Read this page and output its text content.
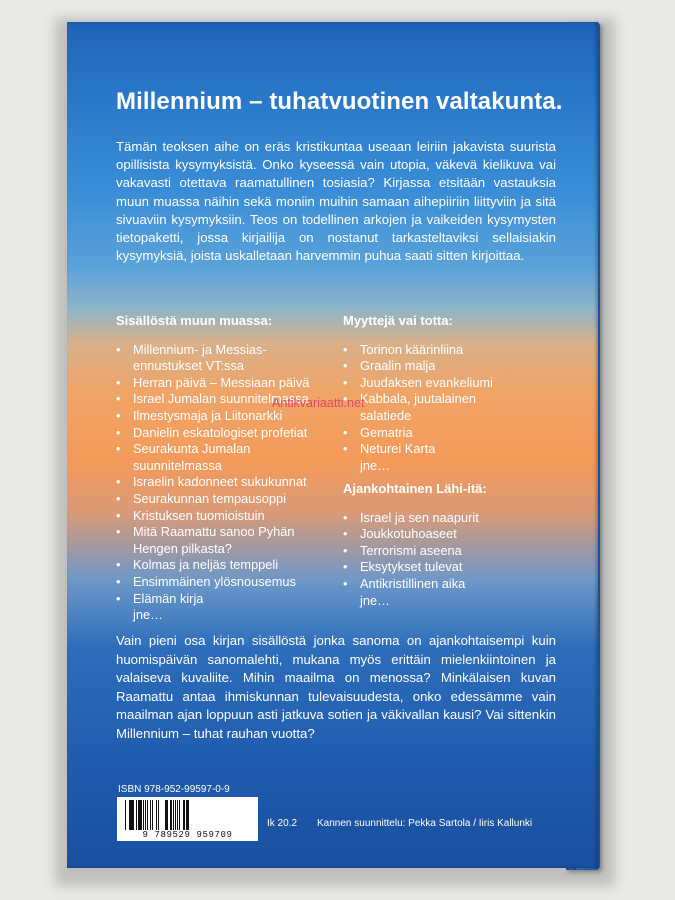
Millennium – tuhatvuotinen valtakunta.
Tämän teoksen aihe on eräs kristikuntaa useaan leiriin jakavista suurista opillisista kysymyksistä. Onko kyseessä vain utopia, väkevä kielikuva vai vakavasti otettava raamatullinen tosiasia? Kirjassa etsitään vastauksia muun muassa näihin sekä moniin muihin samaan aihepiiriin liittyviin ja sitä sivuaviin kysymyksiin. Teos on todellinen arkojen ja vaikeiden kysymysten tietopaketti, jossa kirjailija on nostanut tarkasteltaviksi sellaisiakin kysymyksiä, joista uskalletaan harvemmin puhua saati sitten kirjoittaa.
Sisällöstä muun muassa:
• Millennium- ja Messias-ennustukset VT:ssa
• Herran päivä – Messiaan päivä
• Israel Jumalan suunnitelmassa
• Ilmestysmaja ja Liitonarkki
• Danielin eskatologiset profetiat
• Seurakunta Jumalan suunnitelmassa
• Israelin kadonneet sukukunnat
• Seurakunnan tempausoppi
• Kristuksen tuomioistuin
• Mitä Raamattu sanoo Pyhän Hengen pilkasta?
• Kolmas ja neljäs temppeli
• Ensimmäinen ylösnousemus
• Elämän kirja
jne…
Myyttejä vai totta:
• Torinon käärinliina
• Graalin malja
• Juudaksen evankeliumi
• Kabbala, juutalainen salatiede
• Gematria
• Neturei Karta
jne…
Ajankohtainen Lähi-itä:
• Israel ja sen naapurit
• Joukkotuhoaseet
• Terrorismi aseena
• Eksytykset tulevat
• Antikristillinen aika
jne…
Antikvariaatti.net
Vain pieni osa kirjan sisällöstä jonka sanoma on ajankohtaisempi kuin huomispäivän sanomalehti, mukana myös erittäin mielenkiintoinen ja valaiseva kuvaliite. Mihin maailma on menossa? Minkälaisen kuvan Raamattu antaa ihmiskunnan tulevaisuudesta, onko edessämme vain maailman ajan loppuun asti jatkuva sotien ja väkivallan kausi? Vai sittenkin Millennium – tuhat rauhan vuotta?
ISBN 978-952-99597-0-9
9 789529 959709
Ik 20.2 Kannen suunnittelu: Pekka Sartola / Iiris Kallunki
